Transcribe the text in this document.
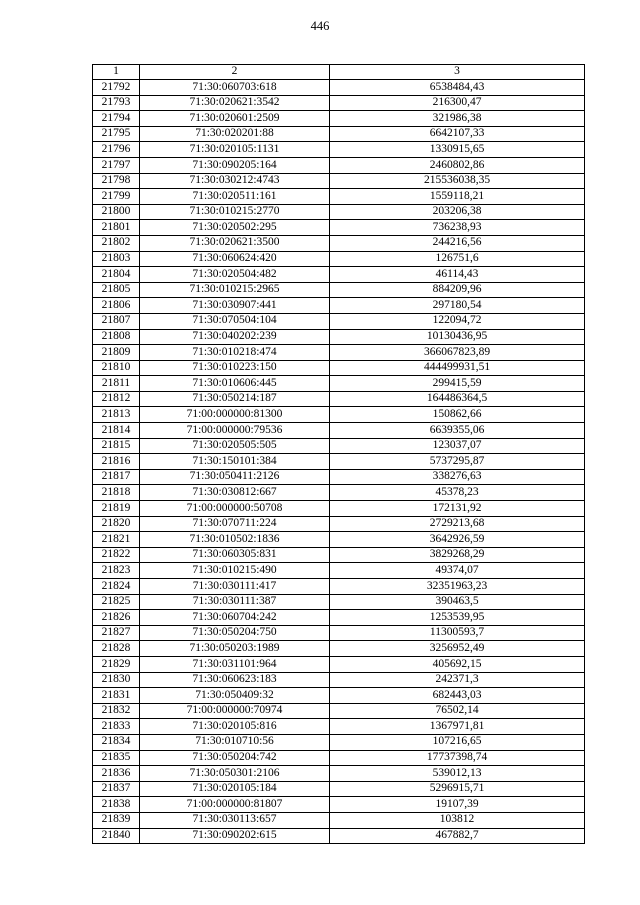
446
1	2	3
21792	71:30:060703:618	6538484,43
21793	71:30:020621:3542	216300,47
21794	71:30:020601:2509	321986,38
21795	71:30:020201:88	6642107,33
21796	71:30:020105:1131	1330915,65
21797	71:30:090205:164	2460802,86
21798	71:30:030212:4743	215536038,35
21799	71:30:020511:161	1559118,21
21800	71:30:010215:2770	203206,38
21801	71:30:020502:295	736238,93
21802	71:30:020621:3500	244216,56
21803	71:30:060624:420	126751,6
21804	71:30:020504:482	46114,43
21805	71:30:010215:2965	884209,96
21806	71:30:030907:441	297180,54
21807	71:30:070504:104	122094,72
21808	71:30:040202:239	10130436,95
21809	71:30:010218:474	366067823,89
21810	71:30:010223:150	444499931,51
21811	71:30:010606:445	299415,59
21812	71:30:050214:187	164486364,5
21813	71:00:000000:81300	150862,66
21814	71:00:000000:79536	6639355,06
21815	71:30:020505:505	123037,07
21816	71:30:150101:384	5737295,87
21817	71:30:050411:2126	338276,63
21818	71:30:030812:667	45378,23
21819	71:00:000000:50708	172131,92
21820	71:30:070711:224	2729213,68
21821	71:30:010502:1836	3642926,59
21822	71:30:060305:831	3829268,29
21823	71:30:010215:490	49374,07
21824	71:30:030111:417	32351963,23
21825	71:30:030111:387	390463,5
21826	71:30:060704:242	1253539,95
21827	71:30:050204:750	11300593,7
21828	71:30:050203:1989	3256952,49
21829	71:30:031101:964	405692,15
21830	71:30:060623:183	242371,3
21831	71:30:050409:32	682443,03
21832	71:00:000000:70974	76502,14
21833	71:30:020105:816	1367971,81
21834	71:30:010710:56	107216,65
21835	71:30:050204:742	17737398,74
21836	71:30:050301:2106	539012,13
21837	71:30:020105:184	5296915,71
21838	71:00:000000:81807	19107,39
21839	71:30:030113:657	103812
21840	71:30:090202:615	467882,7
